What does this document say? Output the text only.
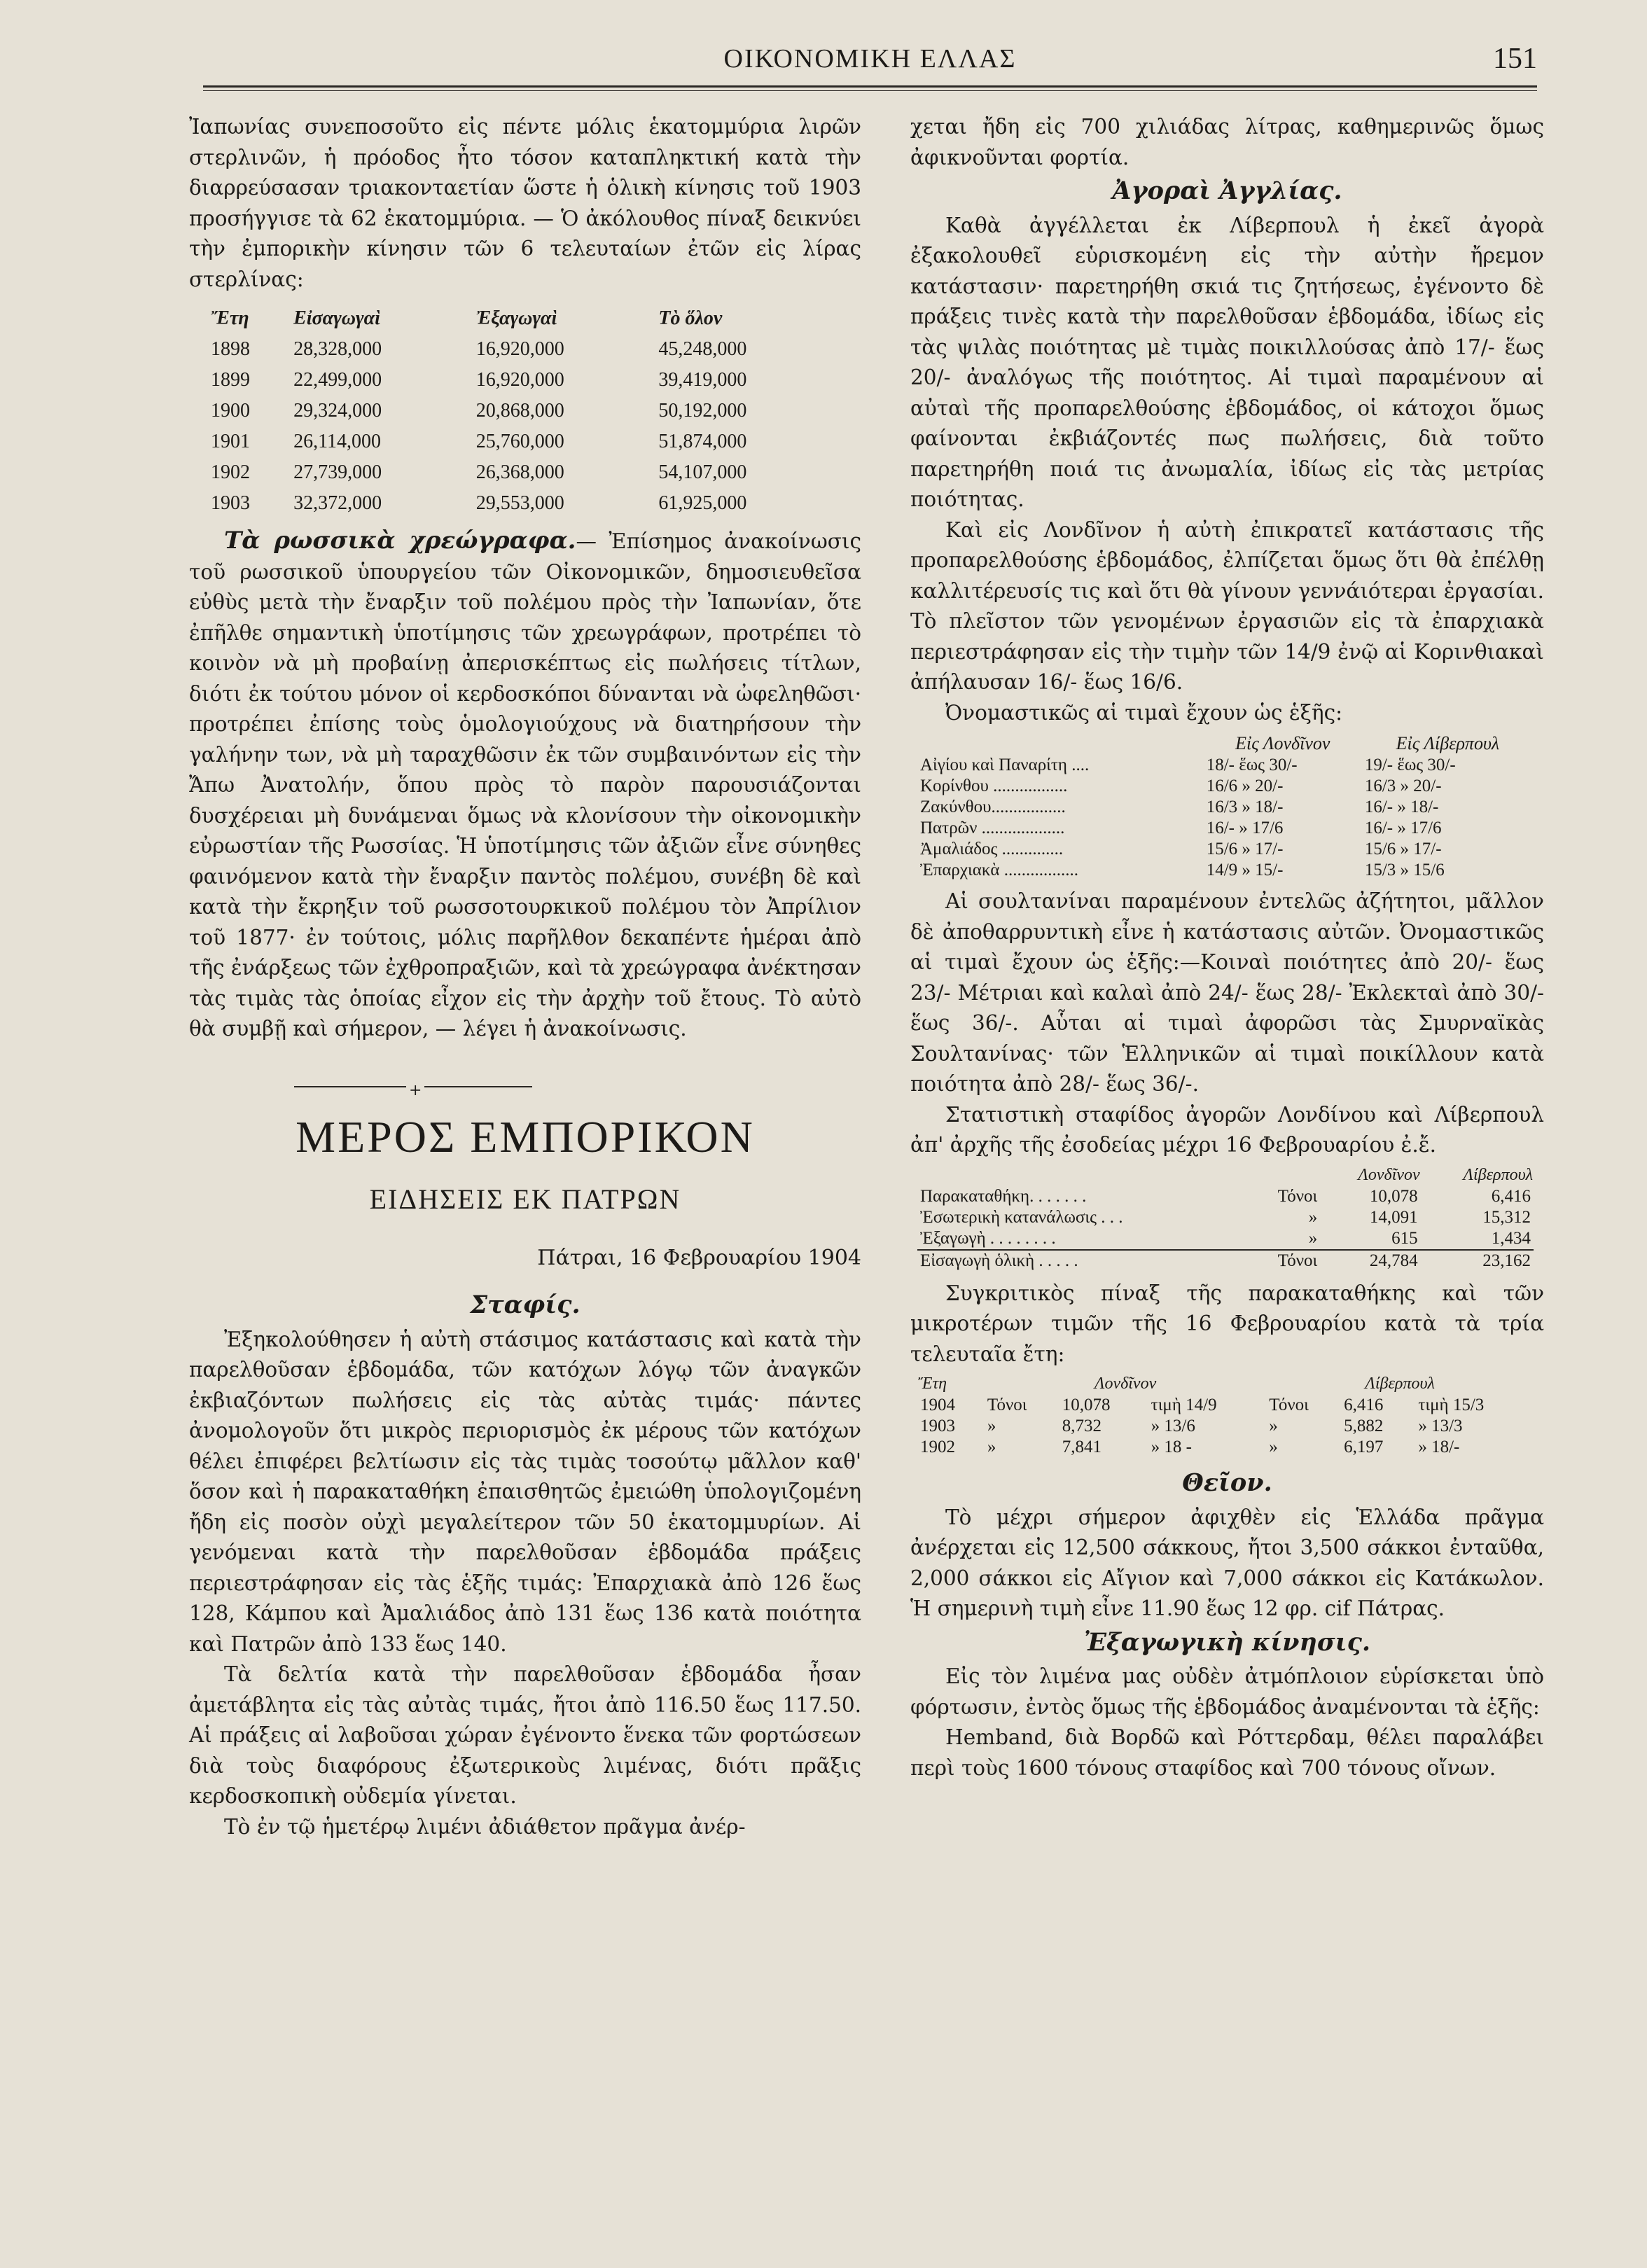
ΟΙΚΟΝΟΜΙΚΗ ΕΛΛΑΣ	151

Ἰαπωνίας συνεποσοῦτο εἰς πέντε μόλις ἑκατομμύρια λιρῶν στερλινῶν, ἡ πρόοδος ἦτο τόσον καταπληκτική κατὰ τὴν διαρρεύσασαν τριακονταετίαν ὥστε ἡ ὁλικὴ κίνησις τοῦ 1903 προσήγγισε τὰ 62 ἑκατομμύρια. — Ὁ ἀκόλουθος πίναξ δεικνύει τὴν ἐμπορικὴν κίνησιν τῶν 6 τελευταίων ἐτῶν εἰς λίρας στερλίνας:

Ἔτη	Εἰσαγωγαὶ	Ἐξαγωγαὶ	Τὸ ὅλον
1898	28,328,000	16,920,000	45,248,000
1899	22,499,000	16,920,000	39,419,000
1900	29,324,000	20,868,000	50,192,000
1901	26,114,000	25,760,000	51,874,000
1902	27,739,000	26,368,000	54,107,000
1903	32,372,000	29,553,000	61,925,000

Τὰ ρωσσικὰ χρεώγραφα.— Ἐπίσημος ἀνακοίνωσις τοῦ ρωσσικοῦ ὑπουργείου τῶν Οἰκονομικῶν, δημοσιευθεῖσα εὐθὺς μετὰ τὴν ἔναρξιν τοῦ πολέμου πρὸς τὴν Ἰαπωνίαν, ὅτε ἐπῆλθε σημαντικὴ ὑποτίμησις τῶν χρεωγράφων, προτρέπει τὸ κοινὸν νὰ μὴ προβαίνῃ ἀπερισκέπτως εἰς πωλήσεις τίτλων, διότι ἐκ τούτου μόνον οἱ κερδοσκόποι δύνανται νὰ ὠφεληθῶσι· προτρέπει ἐπίσης τοὺς ὁμολογιούχους νὰ διατηρήσουν τὴν γαλήνην των, νὰ μὴ ταραχθῶσιν ἐκ τῶν συμβαινόντων εἰς τὴν Ἄπω Ἀνατολήν, ὅπου πρὸς τὸ παρὸν παρουσιάζονται δυσχέρειαι μὴ δυνάμεναι ὅμως νὰ κλονίσουν τὴν οἰκονομικὴν εὐρωστίαν τῆς Ρωσσίας. Ἡ ὑποτίμησις τῶν ἀξιῶν εἶνε σύνηθες φαινόμενον κατὰ τὴν ἔναρξιν παντὸς πολέμου, συνέβη δὲ καὶ κατὰ τὴν ἔκρηξιν τοῦ ρωσσοτουρκικοῦ πολέμου τὸν Ἀπρίλιον τοῦ 1877· ἐν τούτοις, μόλις παρῆλθον δεκαπέντε ἡμέραι ἀπὸ τῆς ἐνάρξεως τῶν ἐχθροπραξιῶν, καὶ τὰ χρεώγραφα ἀνέκτησαν τὰς τιμὰς τὰς ὁποίας εἶχον εἰς τὴν ἀρχὴν τοῦ ἔτους. Τὸ αὐτὸ θὰ συμβῇ καὶ σήμερον, — λέγει ἡ ἀνακοίνωσις.

+
ΜΕΡΟΣ ΕΜΠΟΡΙΚΟΝ
ΕΙΔΗΣΕΙΣ ΕΚ ΠΑΤΡΩΝ
Πάτραι, 16 Φεβρουαρίου 1904
Σταφίς.

Ἐξηκολούθησεν ἡ αὐτὴ στάσιμος κατάστασις καὶ κατὰ τὴν παρελθοῦσαν ἑβδομάδα, τῶν κατόχων λόγῳ τῶν ἀναγκῶν ἐκβιαζόντων πωλήσεις εἰς τὰς αὐτὰς τιμάς· πάντες ἀνομολογοῦν ὅτι μικρὸς περιορισμὸς ἐκ μέρους τῶν κατόχων θέλει ἐπιφέρει βελτίωσιν εἰς τὰς τιμὰς τοσούτῳ μᾶλλον καθ' ὅσον καὶ ἡ παρακαταθήκη ἐπαισθητῶς ἐμειώθη ὑπολογιζομένη ἤδη εἰς ποσὸν οὐχὶ μεγαλείτερον τῶν 50 ἑκατομμυρίων. Αἱ γενόμεναι κατὰ τὴν παρελθοῦσαν ἑβδομάδα πράξεις περιεστράφησαν εἰς τὰς ἑξῆς τιμάς: Ἐπαρχιακὰ ἀπὸ 126 ἕως 128, Κάμπου καὶ Ἀμαλιάδος ἀπὸ 131 ἕως 136 κατὰ ποιότητα καὶ Πατρῶν ἀπὸ 133 ἕως 140.

Τὰ δελτία κατὰ τὴν παρελθοῦσαν ἑβδομάδα ἦσαν ἀμετάβλητα εἰς τὰς αὐτὰς τιμάς, ἤτοι ἀπὸ 116.50 ἕως 117.50. Αἱ πράξεις αἱ λαβοῦσαι χώραν ἐγένοντο ἕνεκα τῶν φορτώσεων διὰ τοὺς διαφόρους ἐξωτερικοὺς λιμένας, διότι πρᾶξις κερδοσκοπικὴ οὐδεμία γίνεται.

Τὸ ἐν τῷ ἡμετέρῳ λιμένι ἀδιάθετον πρᾶγμα ἀνέρ-

χεται ἤδη εἰς 700 χιλιάδας λίτρας, καθημερινῶς ὅμως ἀφικνοῦνται φορτία.

Ἀγοραὶ Ἀγγλίας.

Καθὰ ἀγγέλλεται ἐκ Λίβερπουλ ἡ ἐκεῖ ἀγορὰ ἐξακολουθεῖ εὑρισκομένη εἰς τὴν αὐτὴν ἤρεμον κατάστασιν· παρετηρήθη σκιά τις ζητήσεως, ἐγένοντο δὲ πράξεις τινὲς κατὰ τὴν παρελθοῦσαν ἑβδομάδα, ἰδίως εἰς τὰς ψιλὰς ποιότητας μὲ τιμὰς ποικιλλούσας ἀπὸ 17/- ἕως 20/- ἀναλόγως τῆς ποιότητος. Αἱ τιμαὶ παραμένουν αἱ αὐταὶ τῆς προπαρελθούσης ἑβδομάδος, οἱ κάτοχοι ὅμως φαίνονται ἐκβιάζοντές πως πωλήσεις, διὰ τοῦτο παρετηρήθη ποιά τις ἀνωμαλία, ἰδίως εἰς τὰς μετρίας ποιότητας.

Καὶ εἰς Λονδῖνον ἡ αὐτὴ ἐπικρατεῖ κατάστασις τῆς προπαρελθούσης ἑβδομάδος, ἐλπίζεται ὅμως ὅτι θὰ ἐπέλθῃ καλλιτέρευσίς τις καὶ ὅτι θὰ γίνουν γεννάιότεραι ἐργασίαι. Τὸ πλεῖστον τῶν γενομένων ἐργασιῶν εἰς τὰ ἐπαρχιακὰ περιεστράφησαν εἰς τὴν τιμὴν τῶν 14/9 ἐνῷ αἱ Κορινθιακαὶ ἀπήλαυσαν 16/- ἕως 16/6.

Ὀνομαστικῶς αἱ τιμαὶ ἔχουν ὡς ἑξῆς:

	Εἰς Λονδῖνον	Εἰς Λίβερπουλ
Αἰγίου καὶ Παναρίτη ....	18/- ἕως 30/-	19/- ἕως 30/-
Κορίνθου .................	16/6 » 20/-	16/3 » 20/-
Ζακύνθου.................	16/3 » 18/-	16/- » 18/-
Πατρῶν ...................	16/- » 17/6	16/- » 17/6
Ἀμαλιάδος ..............	15/6 » 17/-	15/6 » 17/-
Ἐπαρχιακὰ .................	14/9 » 15/-	15/3 » 15/6

Αἱ σουλτανίναι παραμένουν ἐντελῶς ἀζήτητοι, μᾶλλον δὲ ἀποθαρρυντικὴ εἶνε ἡ κατάστασις αὐτῶν. Ὀνομαστικῶς αἱ τιμαὶ ἔχουν ὡς ἑξῆς:—Κοιναὶ ποιότητες ἀπὸ 20/- ἕως 23/- Μέτριαι καὶ καλαὶ ἀπὸ 24/- ἕως 28/- Ἐκλεκταὶ ἀπὸ 30/- ἕως 36/-. Αὗται αἱ τιμαὶ ἀφορῶσι τὰς Σμυρναϊκὰς Σουλτανίνας· τῶν Ἑλληνικῶν αἱ τιμαὶ ποικίλλουν κατὰ ποιότητα ἀπὸ 28/- ἕως 36/-.

Στατιστικὴ σταφίδος ἀγορῶν Λονδίνου καὶ Λίβερπουλ ἀπ' ἀρχῆς τῆς ἐσοδείας μέχρι 16 Φεβρουαρίου ἐ.ἔ.

		Λονδῖνον	Λίβερπουλ
Παρακαταθήκη. . . . . . .	Τόνοι	10,078	6,416
Ἐσωτερικὴ κατανάλωσις . . .	»	14,091	15,312
Ἐξαγωγὴ . . . . . . . .	»	615	1,434
Εἰσαγωγὴ ὁλικὴ . . . . .	Τόνοι	24,784	23,162

Συγκριτικὸς πίναξ τῆς παρακαταθήκης καὶ τῶν μικροτέρων τιμῶν τῆς 16 Φεβρουαρίου κατὰ τὰ τρία τελευταῖα ἔτη:

Ἔτη	Λονδῖνον			Λίβερπουλ		
1904	Τόνοι	10,078	τιμὴ 14/9	Τόνοι	6,416	τιμὴ 15/3
1903	»	8,732	» 13/6	»	5,882	» 13/3
1902	»	7,841	» 18 -	»	6,197	» 18/-
Θεῖον.

Τὸ μέχρι σήμερον ἀφιχθὲν εἰς Ἑλλάδα πρᾶγμα ἀνέρχεται εἰς 12,500 σάκκους, ἤτοι 3,500 σάκκοι ἐνταῦθα, 2,000 σάκκοι εἰς Αἴγιον καὶ 7,000 σάκκοι εἰς Κατάκωλον. Ἡ σημερινὴ τιμὴ εἶνε 11.90 ἕως 12 φρ. cif Πάτρας.

Ἐξαγωγικὴ κίνησις.

Εἰς τὸν λιμένα μας οὐδὲν ἀτμόπλοιον εὑρίσκεται ὑπὸ φόρτωσιν, ἐντὸς ὅμως τῆς ἑβδομάδος ἀναμένονται τὰ ἑξῆς:

Hemband, διὰ Βορδῶ καὶ Ρόττερδαμ, θέλει παραλάβει περὶ τοὺς 1600 τόνους σταφίδος καὶ 700 τόνους οἴνων.
